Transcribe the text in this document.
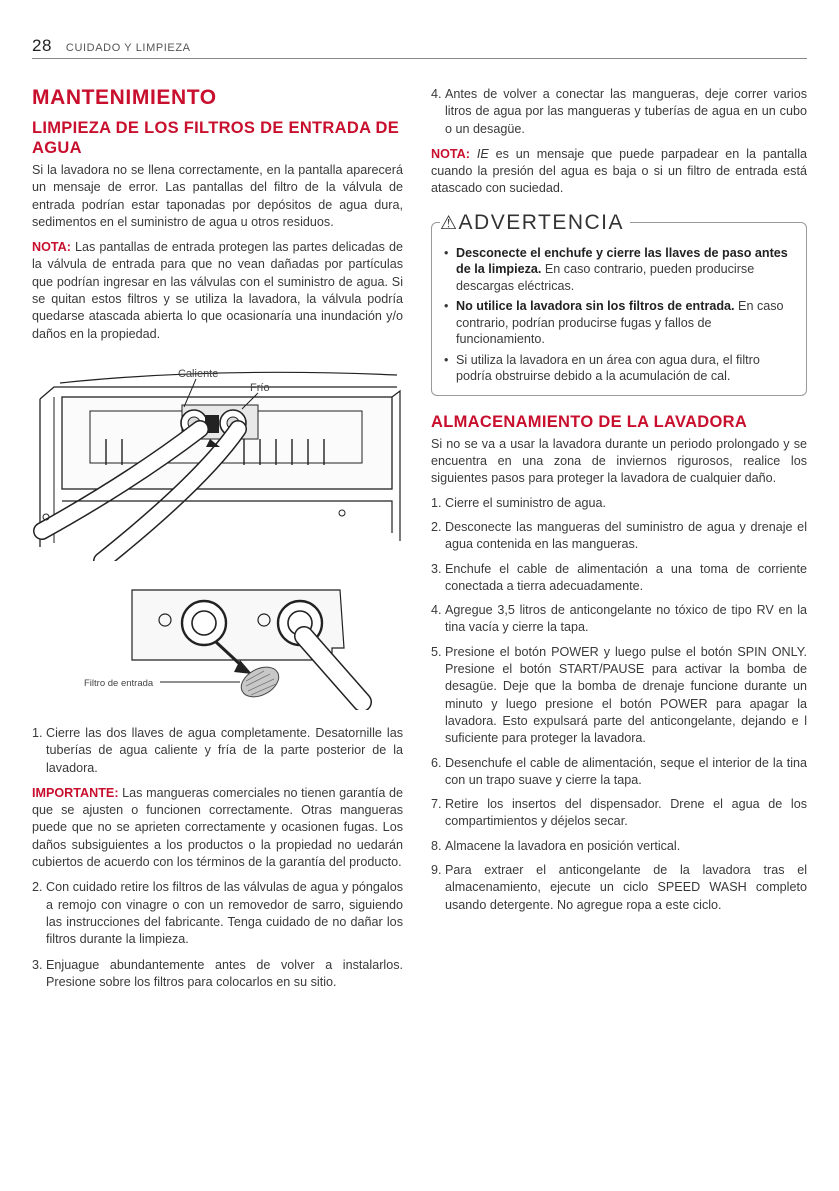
28 CUIDADO Y LIMPIEZA
MANTENIMIENTO
LIMPIEZA DE LOS FILTROS DE ENTRADA DE AGUA

Si la lavadora no se llena correctamente, en la pantalla aparecerá un mensaje de error. Las pantallas del filtro de la válvula de entrada podrían estar taponadas por depósitos de agua dura, sedimentos en el suministro de agua u otros residuos.

NOTA: Las pantallas de entrada protegen las partes delicadas de la válvula de entrada para que no vean dañadas por partículas que podrían ingresar en las válvulas con el suministro de agua. Si se quitan estos filtros y se utiliza la lavadora, la válvula podría quedarse atascada abierta lo que ocasionaría una inundación y/o daños en la propiedad.

Caliente
Frío

Filtro de entrada
1. Cierre las dos llaves de agua completamente. Desatornille las tuberías de agua caliente y fría de la parte posterior de la lavadora.

IMPORTANTE: Las mangueras comerciales no tienen garantía de que se ajusten o funcionen correctamente. Otras mangueras puede que no se aprieten correctamente y ocasionen fugas. Los daños subsiguientes a los productos o la propiedad no uedarán cubiertos de acuerdo con los términos de la garantía del producto.

2. Con cuidado retire los filtros de las válvulas de agua y póngalos a remojo con vinagre o con un removedor de sarro, siguiendo las instrucciones del fabricante. Tenga cuidado de no dañar los filtros durante la limpieza.
3. Enjuague abundantemente antes de volver a instalarlos. Presione sobre los filtros para colocarlos en su sitio.
4. Antes de volver a conectar las mangueras, deje correr varios litros de agua por las mangueras y tuberías de agua en un cubo o un desagüe.

NOTA: IE es un mensaje que puede parpadear en la pantalla cuando la presión del agua es baja o si un filtro de entrada está atascado con suciedad.

⚠ADVERTENCIA
• Desconecte el enchufe y cierre las llaves de paso antes de la limpieza. En caso contrario, pueden producirse descargas eléctricas.
• No utilice la lavadora sin los filtros de entrada. En caso contrario, podrían producirse fugas y fallos de funcionamiento.
• Si utiliza la lavadora en un área con agua dura, el filtro podría obstruirse debido a la acumulación de cal.
ALMACENAMIENTO DE LA LAVADORA

Si no se va a usar la lavadora durante un periodo prolongado y se encuentra en una zona de inviernos rigurosos, realice los siguientes pasos para proteger la lavadora de cualquier daño.

1. Cierre el suministro de agua.
2. Desconecte las mangueras del suministro de agua y drenaje el agua contenida en las mangueras.
3. Enchufe el cable de alimentación a una toma de corriente conectada a tierra adecuadamente.
4. Agregue 3,5 litros de anticongelante no tóxico de tipo RV en la tina vacía y cierre la tapa.
5. Presione el botón POWER y luego pulse el botón SPIN ONLY. Presione el botón START/PAUSE para activar la bomba de desagüe. Deje que la bomba de drenaje funcione durante un minuto y luego presione el botón POWER para apagar la lavadora. Esto expulsará parte del anticongelante, dejando e l suficiente para proteger la lavadora.
6. Desenchufe el cable de alimentación, seque el interior de la tina con un trapo suave y cierre la tapa.
7. Retire los insertos del dispensador. Drene el agua de los compartimientos y déjelos secar.
8. Almacene la lavadora en posición vertical.
9. Para extraer el anticongelante de la lavadora tras el almacenamiento, ejecute un ciclo SPEED WASH completo usando detergente. No agregue ropa a este ciclo.
